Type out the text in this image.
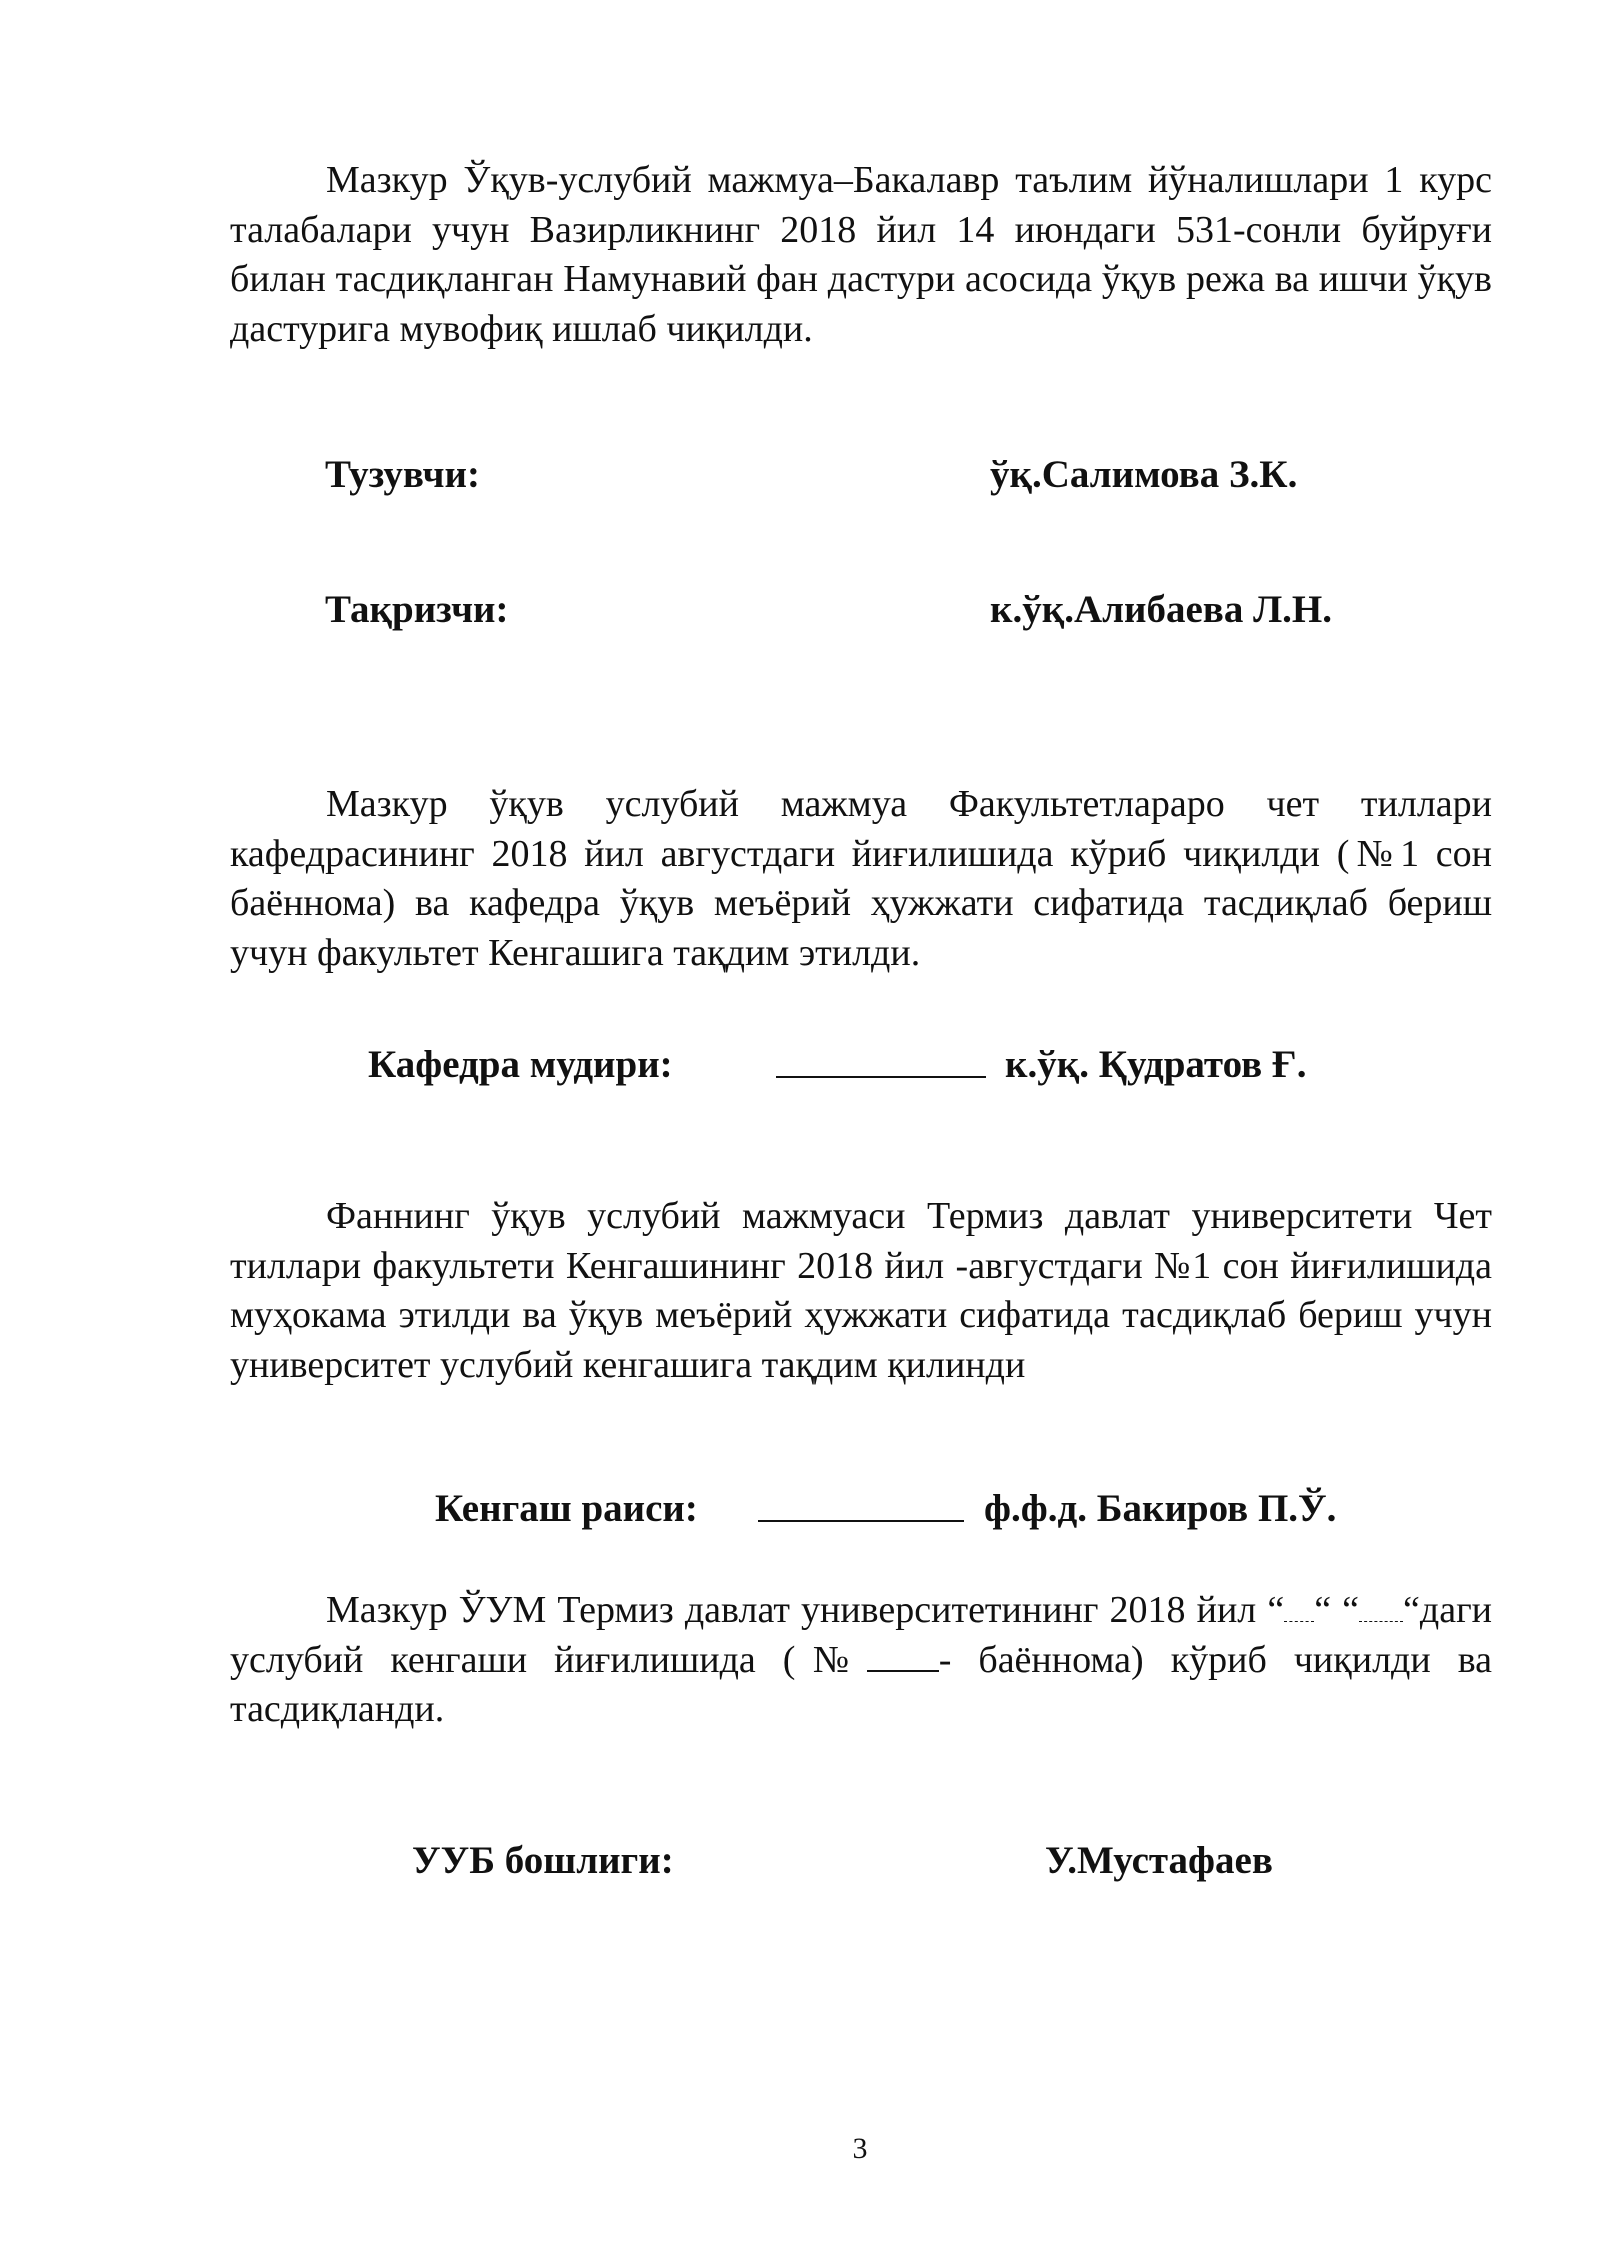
Мазкур Ўқув-услубий мажмуа–Бакалавр таълим йўналишлари 1 курс талабалари учун Вазирликнинг 2018 йил 14 июндаги 531-сонли буйруғи билан тасдиқланган Намунавий фан дастури асосида ўқув режа ва ишчи ўқув дастурига мувофиқ ишлаб чиқилди.

Тузувчи:	ўқ.Салимова З.К.
Тақризчи:	к.ўқ.Алибаева Л.Н.

Мазкур ўқув услубий мажмуа Факультетлараро чет тиллари кафедрасининг 2018 йил августдаги йиғилишида кўриб чиқилди (№1 сон баённома) ва кафедра ўқув меъёрий ҳужжати сифатида тасдиқлаб бериш учун факультет Кенгашига тақдим этилди.

Кафедра мудири:	к.ўқ. Қудратов Ғ.

Фаннинг ўқув услубий мажмуаси Термиз давлат университети Чет тиллари факультети Кенгашининг 2018 йил -августдаги №1 сон йиғилишида муҳокама этилди ва ўқув меъёрий ҳужжати сифатида тасдиқлаб бериш учун университет услубий кенгашига тақдим қилинди

Кенгаш раиси:	ф.ф.д. Бакиров П.Ў.
Мазкур ЎУМ Термиз давлат университетининг 2018 йил “ “ “ “даги услубий кенгаши йиғилишида (№ - баённома) кўриб чиқилди ва тасдиқланди.
УУБ бошлиги:	У.Мустафаев
3
